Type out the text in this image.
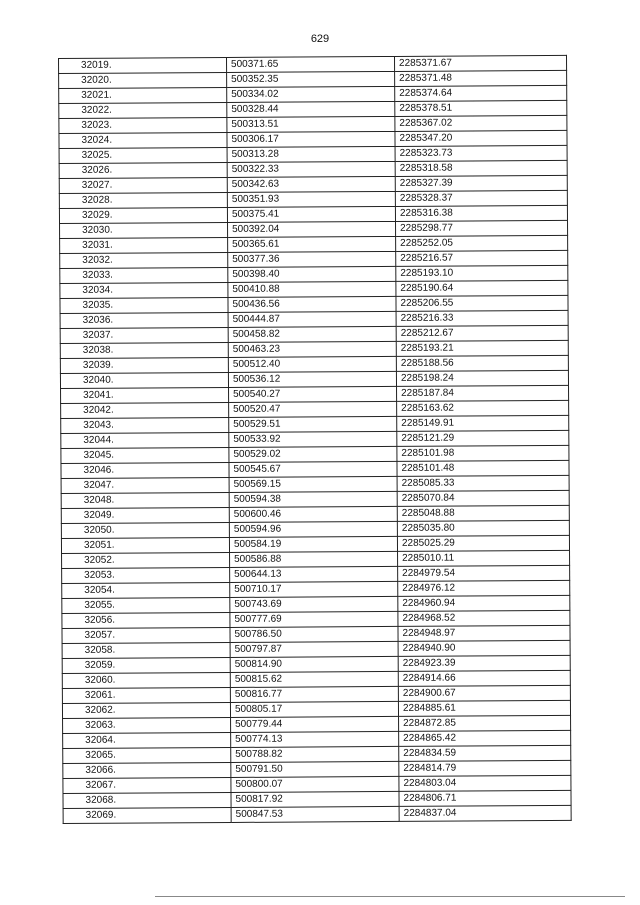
629
32019.	500371.65	2285371.67
32020.	500352.35	2285371.48
32021.	500334.02	2285374.64
32022.	500328.44	2285378.51
32023.	500313.51	2285367.02
32024.	500306.17	2285347.20
32025.	500313.28	2285323.73
32026.	500322.33	2285318.58
32027.	500342.63	2285327.39
32028.	500351.93	2285328.37
32029.	500375.41	2285316.38
32030.	500392.04	2285298.77
32031.	500365.61	2285252.05
32032.	500377.36	2285216.57
32033.	500398.40	2285193.10
32034.	500410.88	2285190.64
32035.	500436.56	2285206.55
32036.	500444.87	2285216.33
32037.	500458.82	2285212.67
32038.	500463.23	2285193.21
32039.	500512.40	2285188.56
32040.	500536.12	2285198.24
32041.	500540.27	2285187.84
32042.	500520.47	2285163.62
32043.	500529.51	2285149.91
32044.	500533.92	2285121.29
32045.	500529.02	2285101.98
32046.	500545.67	2285101.48
32047.	500569.15	2285085.33
32048.	500594.38	2285070.84
32049.	500600.46	2285048.88
32050.	500594.96	2285035.80
32051.	500584.19	2285025.29
32052.	500586.88	2285010.11
32053.	500644.13	2284979.54
32054.	500710.17	2284976.12
32055.	500743.69	2284960.94
32056.	500777.69	2284968.52
32057.	500786.50	2284948.97
32058.	500797.87	2284940.90
32059.	500814.90	2284923.39
32060.	500815.62	2284914.66
32061.	500816.77	2284900.67
32062.	500805.17	2284885.61
32063.	500779.44	2284872.85
32064.	500774.13	2284865.42
32065.	500788.82	2284834.59
32066.	500791.50	2284814.79
32067.	500800.07	2284803.04
32068.	500817.92	2284806.71
32069.	500847.53	2284837.04
